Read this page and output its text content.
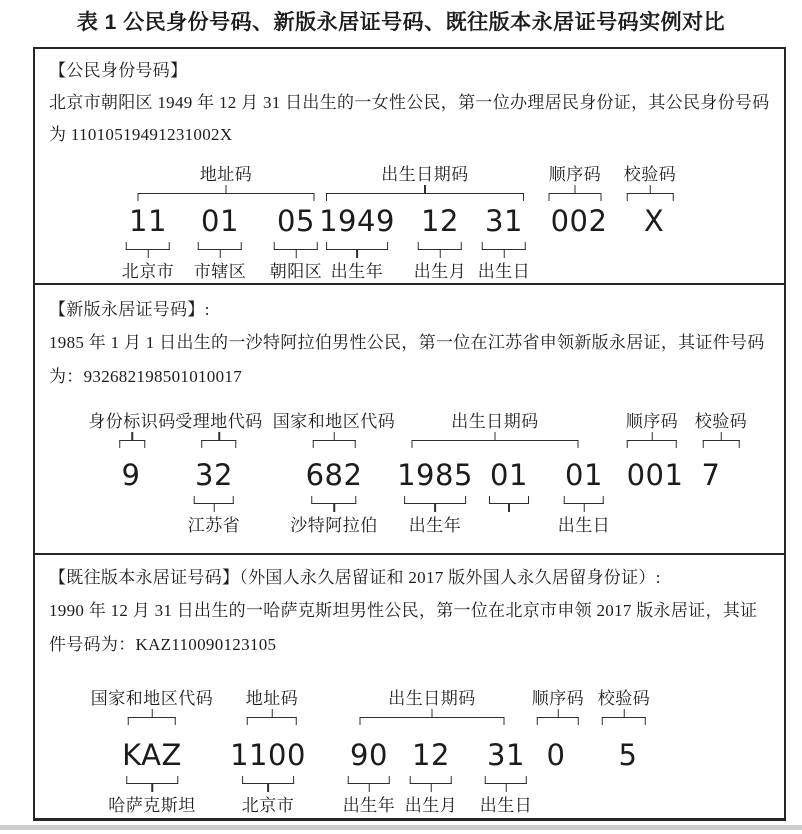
表 1 公民身份号码、新版永居证号码、既往版本永居证号码实例对比
【公民身份号码】
北京市朝阳区 1949 年 12 月 31 日出生的一女性公民，第一位办理居民身份证，其公民身份号码
为 11010519491231002X
地址码	出生日期码	顺序码 校验码
11
北京市
01
市辖区
05
朝阳区
1949
出生年
12
出生月
31
出生日
002 X
【新版永居证号码】:
1985 年 1 月 1 日出生的一沙特阿拉伯男性公民，第一位在江苏省申领新版永居证，其证件号码
为：932682198501010017
身份标识码 受理地代码 国家和地区代码	出生日期码	顺序码 校验码
9 32
江苏省
682
沙特阿拉伯
1985
出生年
01 01
出生日
001 7
【既往版本永居证号码】（外国人永久居留证和 2017 版外国人永久居留身份证）:
1990 年 12 月 31 日出生的一哈萨克斯坦男性公民，第一位在北京市申领 2017 版永居证，其证
件号码为：KAZ110090123105
国家和地区代码 地址码	出生日期码	顺序码 校验码
KAZ
哈萨克斯坦
1100
北京市
90
出生年
12
出生月
31
出生日
0 5
